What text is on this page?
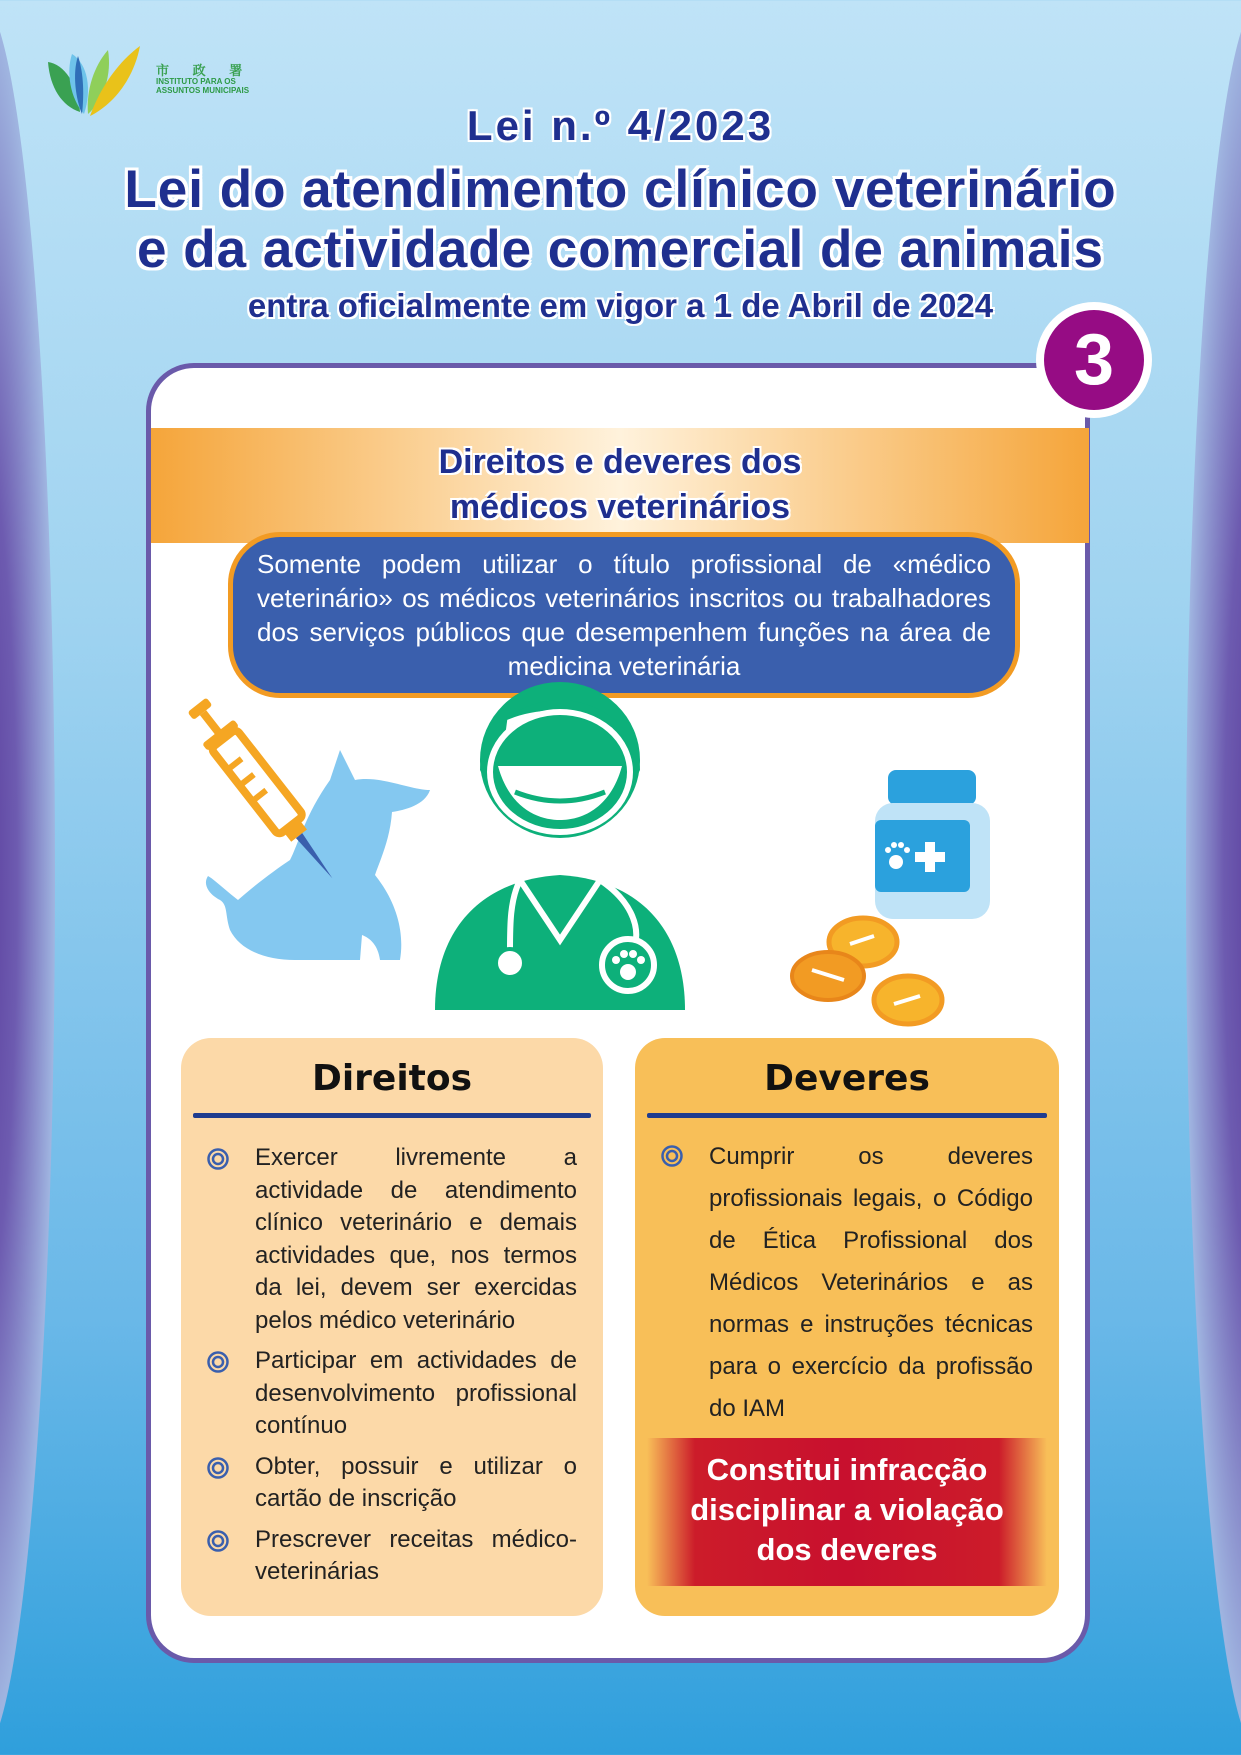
市 政 署
INSTITUTO PARA OS
ASSUNTOS MUNICIPAIS
Lei n.º 4/2023
Lei do atendimento clínico veterinário
e da actividade comercial de animais
entra oficialmente em vigor a 1 de Abril de 2024
Direitos e deveres dos
médicos veterinários
3
Somente podem utilizar o título profissional de «médico veterinário» os médicos veterinários inscritos ou trabalhadores dos serviços públicos que desempenhem funções na área de medicina veterinária
Direitos
Exercer livremente a actividade de atendimento clínico veterinário e demais actividades que, nos termos da lei, devem ser exercidas pelos médico veterinário
Participar em actividades de desenvolvimento profissional contínuo
Obter, possuir e utilizar o cartão de inscrição
Prescrever receitas médico-veterinárias
Deveres
Cumprir os deveres profissionais legais, o Código de Ética Profissional dos Médicos Veterinários e as normas e instruções técnicas para o exercício da profissão do IAM
Constitui infracção
disciplinar a violação
dos deveres
